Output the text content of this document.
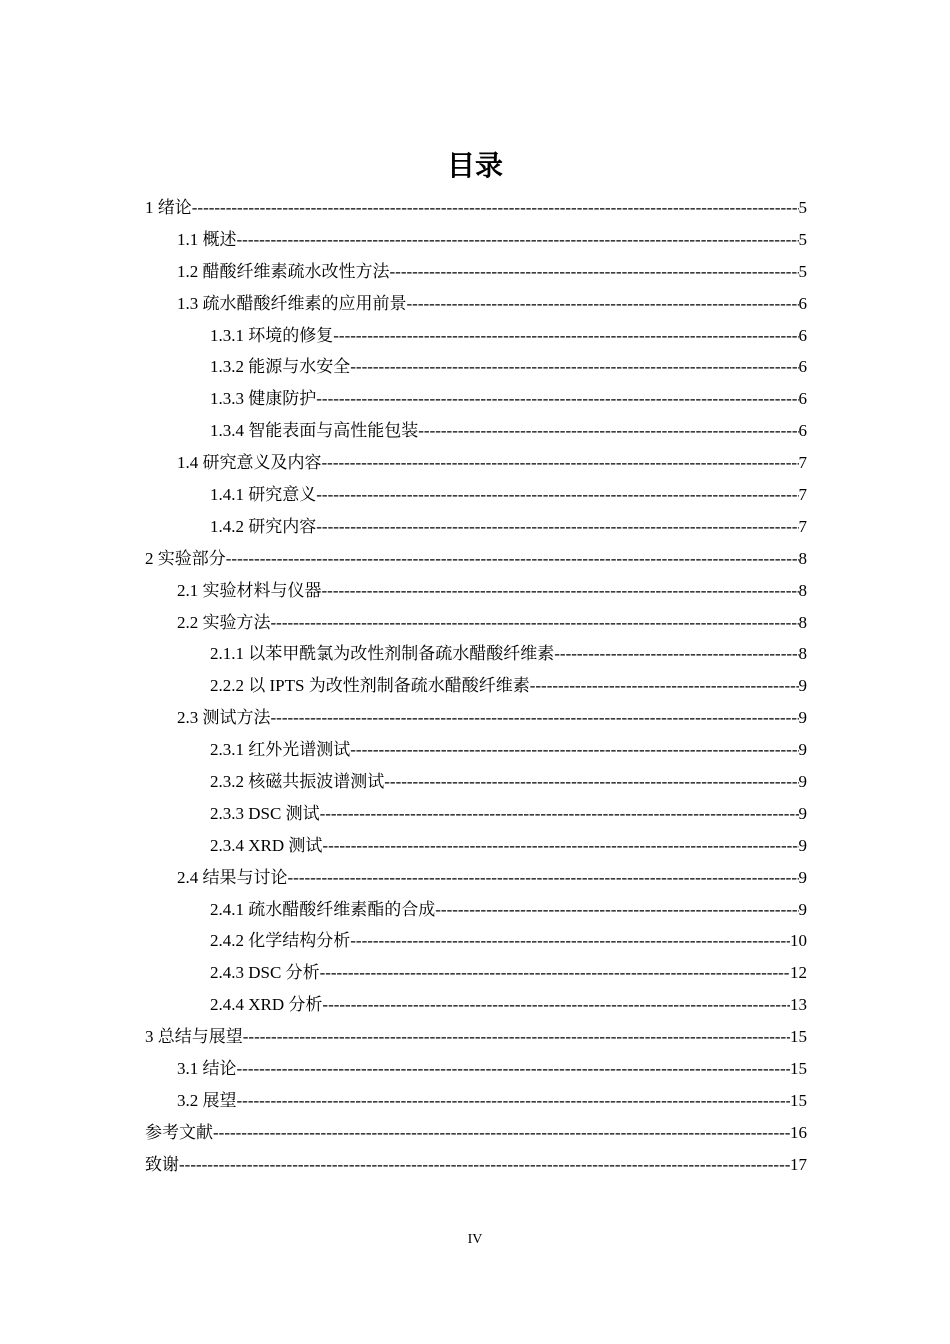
目录
1 绪论 -----	5
1.1 概述 -----	5
1.2 醋酸纤维素疏水改性方法 -----	5
1.3 疏水醋酸纤维素的应用前景 -----	6
1.3.1 环境的修复 -----	6
1.3.2 能源与水安全 -----	6
1.3.3 健康防护 -----	6
1.3.4 智能表面与高性能包装 -----	6
1.4 研究意义及内容 -----	7
1.4.1 研究意义 -----	7
1.4.2 研究内容 -----	7
2 实验部分 -----	8
2.1 实验材料与仪器 -----	8
2.2 实验方法 -----	8
2.1.1 以苯甲酰氯为改性剂制备疏水醋酸纤维素 -----	8
2.2.2 以 IPTS 为改性剂制备疏水醋酸纤维素 -----	9
2.3 测试方法 -----	9
2.3.1 红外光谱测试 -----	9
2.3.2 核磁共振波谱测试 -----	9
2.3.3 DSC 测试 -----	9
2.3.4 XRD 测试 -----	9
2.4 结果与讨论 -----	9
2.4.1 疏水醋酸纤维素酯的合成 -----	9
2.4.2 化学结构分析 -----	10
2.4.3 DSC 分析 -----	12
2.4.4 XRD 分析 -----	13
3 总结与展望 -----	15
3.1 结论 -----	15
3.2 展望 -----	15
参考文献 -----	16
致谢 -----	17
IV
